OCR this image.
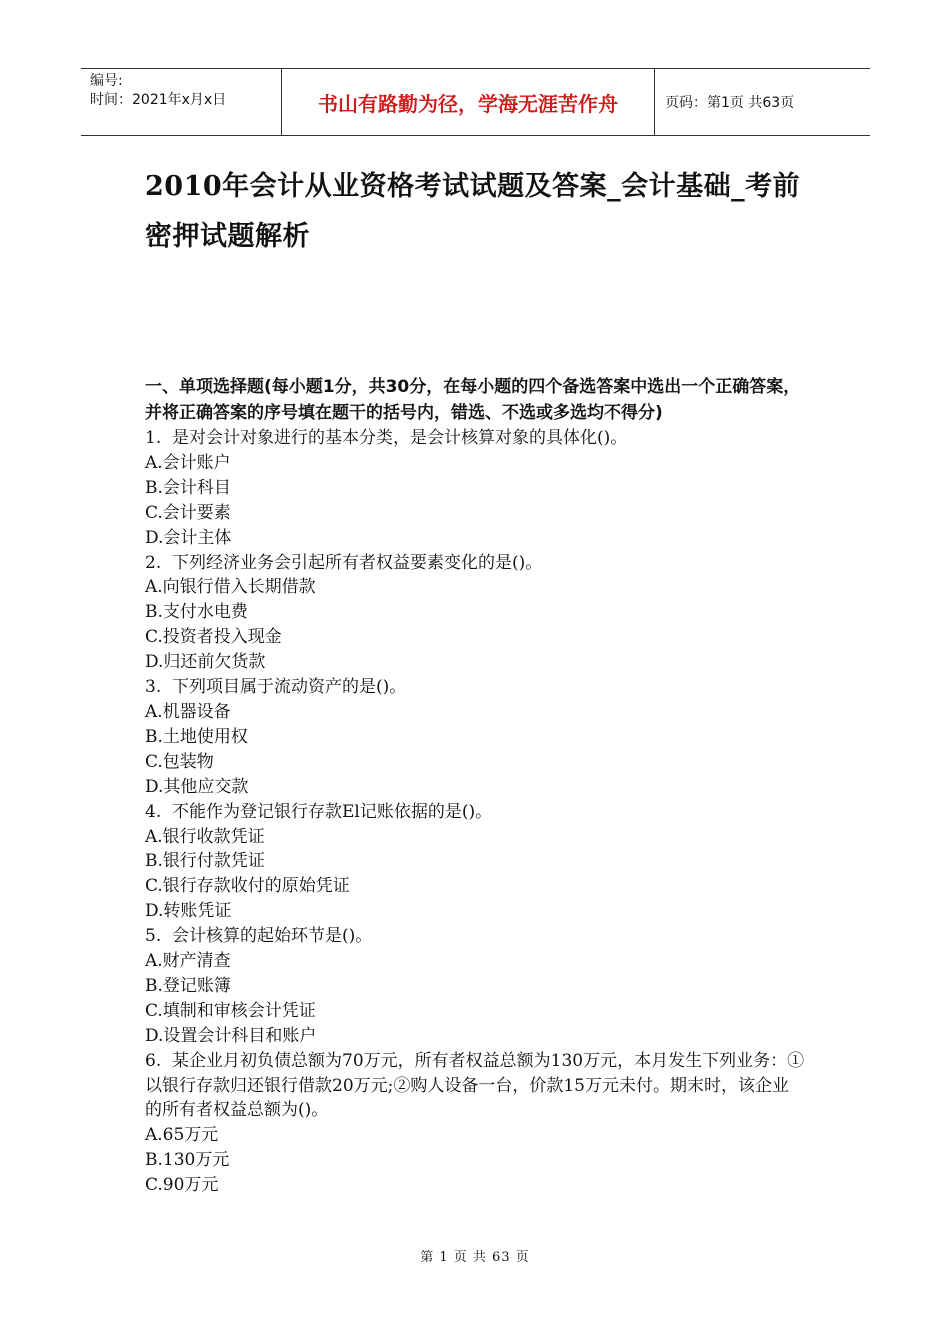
编号:
时间：2021年x月x日	书山有路勤为径，学海无涯苦作舟	页码：第1页 共63页
2010年会计从业资格考试试题及答案_会计基础_考前密押试题解析
一、单项选择题(每小题1分，共30分，在每小题的四个备选答案中选出一个正确答案，并将正确答案的序号填在题干的括号内，错选、不选或多选均不得分)
1.  是对会计对象进行的基本分类，是会计核算对象的具体化()。
A.会计账户
B.会计科目
C.会计要素
D.会计主体
2.  下列经济业务会引起所有者权益要素变化的是()。
A.向银行借入长期借款
B.支付水电费
C.投资者投入现金
D.归还前欠货款
3.  下列项目属于流动资产的是()。
A.机器设备
B.土地使用权
C.包装物
D.其他应交款
4.  不能作为登记银行存款El记账依据的是()。
A.银行收款凭证
B.银行付款凭证
C.银行存款收付的原始凭证
D.转账凭证
5.  会计核算的起始环节是()。
A.财产清查
B.登记账簿
C.填制和审核会计凭证
D.设置会计科目和账户
6.  某企业月初负债总额为70万元，所有者权益总额为130万元，本月发生下列业务：①以银行存款归还银行借款20万元;②购人设备一台，价款15万元未付。期末时，该企业的所有者权益总额为()。
A.65万元
B.130万元
C.90万元
第 1 页 共 63 页
